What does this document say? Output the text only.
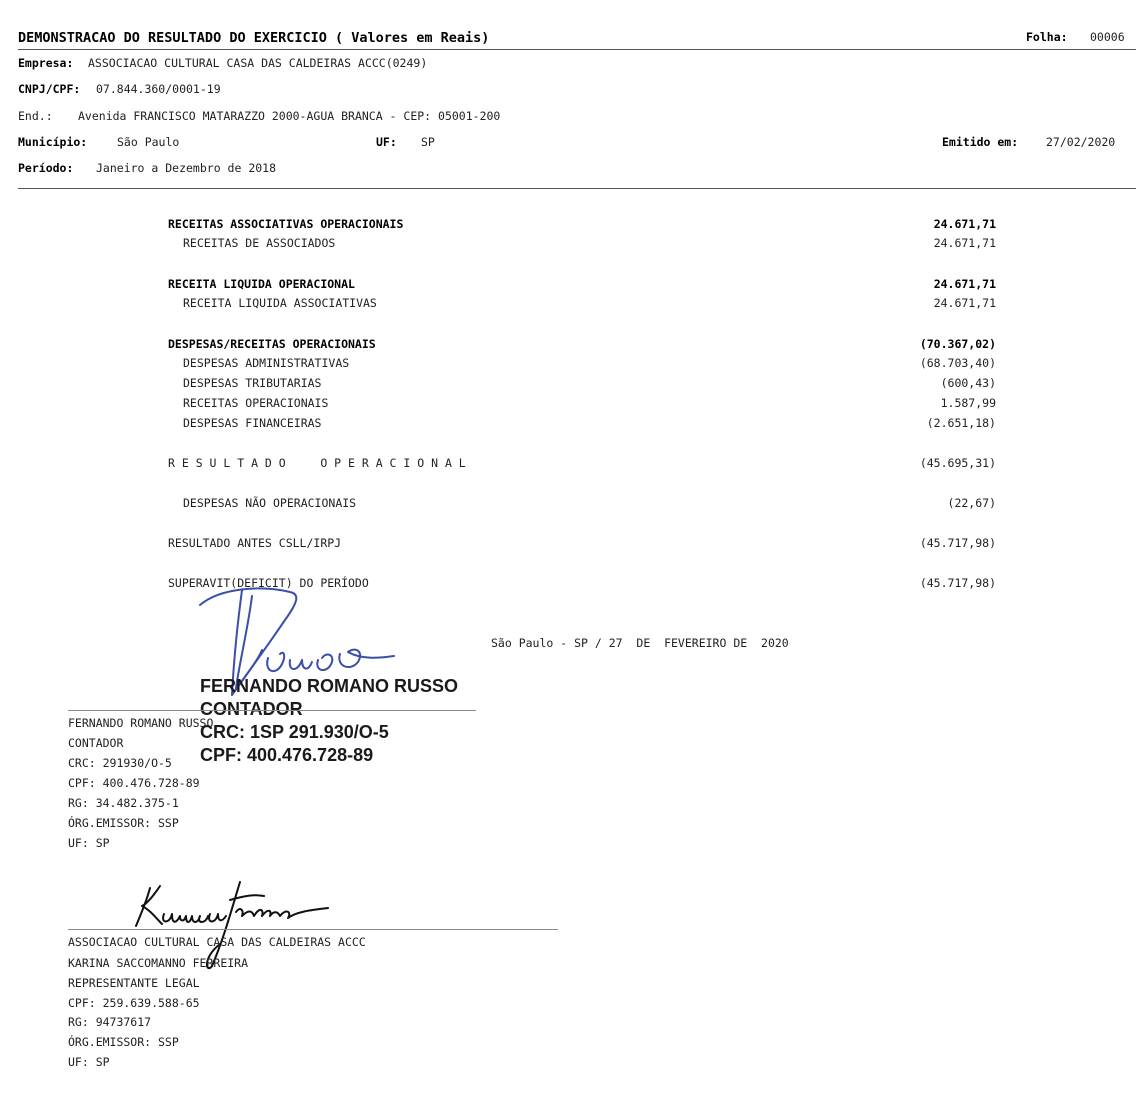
DEMONSTRACAO DO RESULTADO DO EXERCICIO ( Valores em Reais)	Folha: 00006
Empresa: ASSOCIACAO CULTURAL CASA DAS CALDEIRAS ACCC(0249)
CNPJ/CPF: 07.844.360/0001-19
End.: Avenida FRANCISCO MATARAZZO 2000-AGUA BRANCA - CEP: 05001-200
Município:	São Paulo	UF: SP	Emitido em: 27/02/2020
Período: Janeiro a Dezembro de 2018
RECEITAS ASSOCIATIVAS OPERACIONAIS	24.671,71
RECEITAS DE ASSOCIADOS	24.671,71
RECEITA LIQUIDA OPERACIONAL	24.671,71
RECEITA LIQUIDA ASSOCIATIVAS	24.671,71
DESPESAS/RECEITAS OPERACIONAIS	(70.367,02)
DESPESAS ADMINISTRATIVAS	(68.703,40)
DESPESAS TRIBUTARIAS	(600,43)
RECEITAS OPERACIONAIS	1.587,99
DESPESAS FINANCEIRAS	(2.651,18)
R E S U L T A D O     O P E R A C I O N A L	(45.695,31)
DESPESAS NÃO OPERACIONAIS	(22,67)
RESULTADO ANTES CSLL/IRPJ	(45.717,98)
SUPERAVIT(DEFICIT) DO PERÍODO	(45.717,98)
São Paulo - SP / 27  DE  FEVEREIRO DE  2020
FERNANDO ROMANO RUSSO
CONTADOR
CRC: 1SP 291.930/O-5
CPF: 400.476.728-89
FERNANDO ROMANO RUSSO
CONTADOR
CRC: 291930/O-5
CPF: 400.476.728-89
RG: 34.482.375-1
ÓRG.EMISSOR: SSP
UF: SP
ASSOCIACAO CULTURAL CASA DAS CALDEIRAS ACCC
KARINA SACCOMANNO FERREIRA
REPRESENTANTE LEGAL
CPF: 259.639.588-65
RG: 94737617
ÓRG.EMISSOR: SSP
UF: SP
